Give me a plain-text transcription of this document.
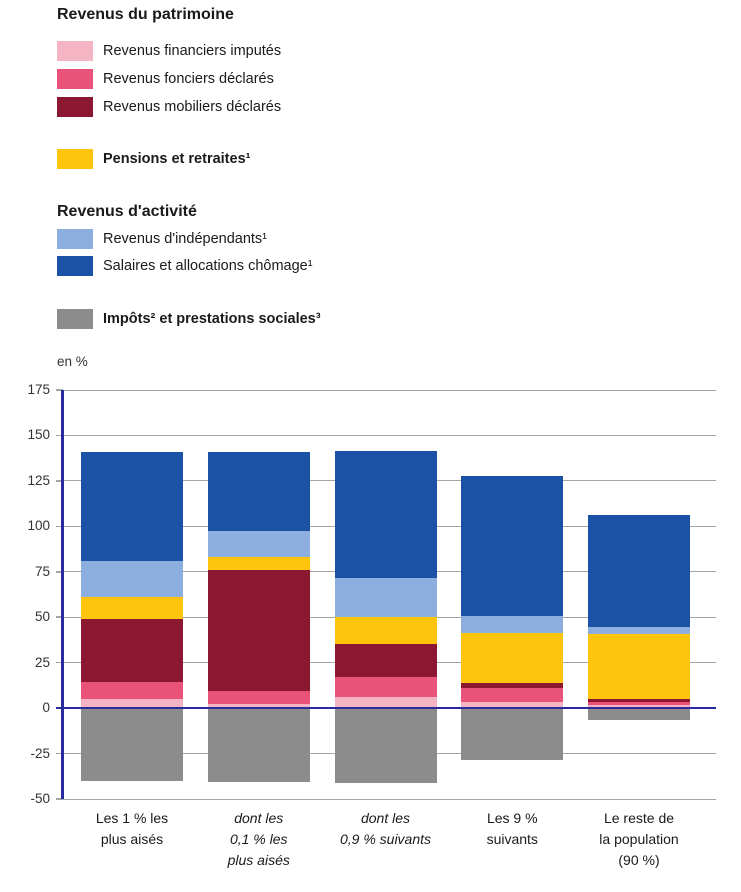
Revenus du patrimoine
Revenus financiers imputés
Revenus fonciers déclarés
Revenus mobiliers déclarés
Pensions et retraites¹
Revenus d'activité
Revenus d'indépendants¹
Salaires et allocations chômage¹
Impôts² et prestations sociales³
en %
175
150
125
100
75
50
25
0
-25
-50
Les 1 % les
plus aisés
dont les
0,1 % les
plus aisés
dont les
0,9 % suivants
Les 9 %
suivants
Le reste de
la population
(90 %)
